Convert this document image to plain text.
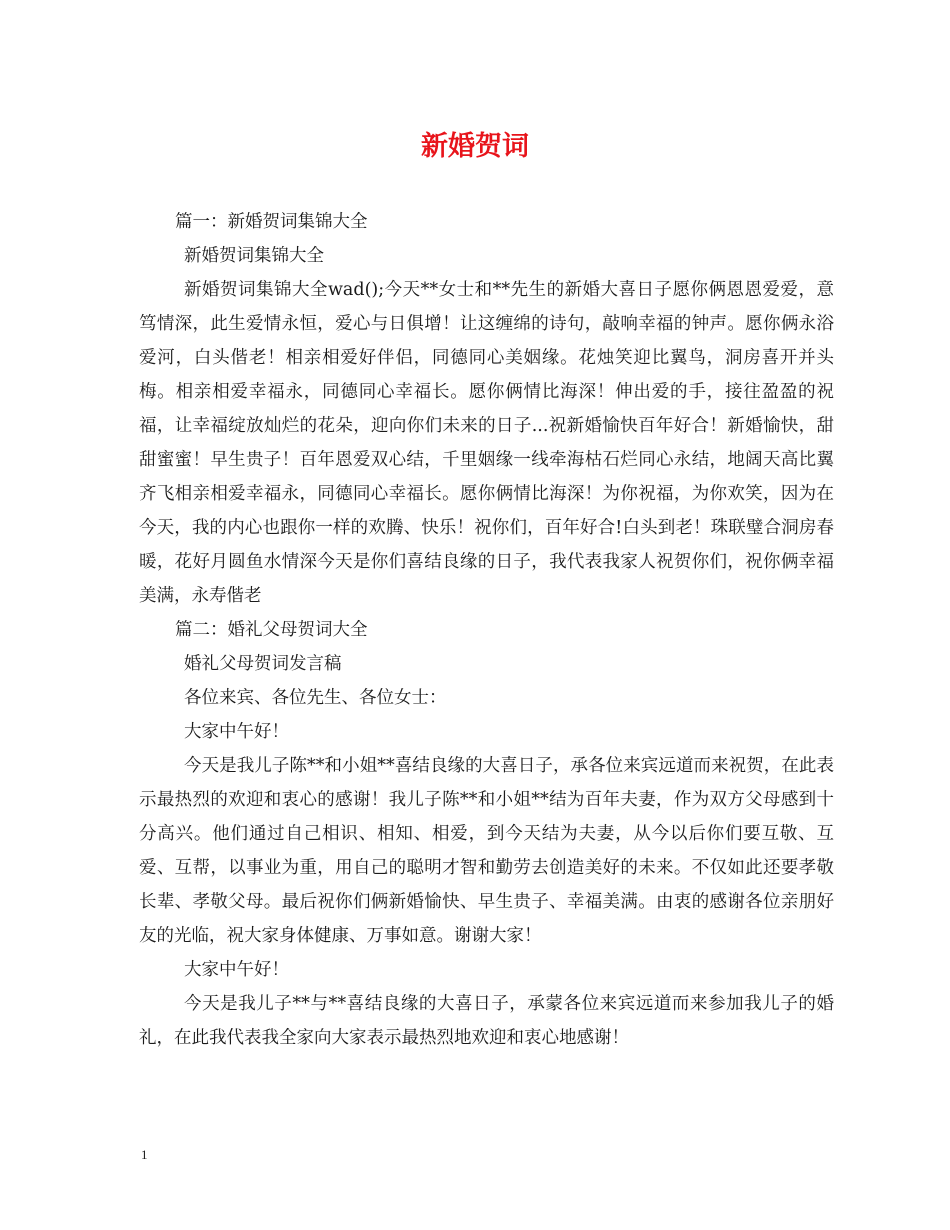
新婚贺词

篇一：新婚贺词集锦大全

新婚贺词集锦大全

新婚贺词集锦大全wad();今天**女士和**先生的新婚大喜日子愿你俩恩恩爱爱，意笃情深，此生爱情永恒，爱心与日俱增！让这缠绵的诗句，敲响幸福的钟声。愿你俩永浴爱河，白头偕老！相亲相爱好伴侣，同德同心美姻缘。花烛笑迎比翼鸟，洞房喜开并头梅。相亲相爱幸福永，同德同心幸福长。愿你俩情比海深！伸出爱的手，接往盈盈的祝福，让幸福绽放灿烂的花朵，迎向你们未来的日子...祝新婚愉快百年好合！新婚愉快，甜甜蜜蜜！早生贵子！百年恩爱双心结，千里姻缘一线牵海枯石烂同心永结，地阔天高比翼齐飞相亲相爱幸福永，同德同心幸福长。愿你俩情比海深！为你祝福，为你欢笑，因为在今天，我的内心也跟你一样的欢腾、快乐！祝你们，百年好合!白头到老！珠联璧合洞房春暖，花好月圆鱼水情深今天是你们喜结良缘的日子，我代表我家人祝贺你们，祝你俩幸福美满，永寿偕老

篇二：婚礼父母贺词大全

婚礼父母贺词发言稿

各位来宾、各位先生、各位女士：

大家中午好！

今天是我儿子陈**和小姐**喜结良缘的大喜日子，承各位来宾远道而来祝贺，在此表示最热烈的欢迎和衷心的感谢！我儿子陈**和小姐**结为百年夫妻，作为双方父母感到十分高兴。他们通过自己相识、相知、相爱，到今天结为夫妻，从今以后你们要互敬、互爱、互帮，以事业为重，用自己的聪明才智和勤劳去创造美好的未来。不仅如此还要孝敬长辈、孝敬父母。最后祝你们俩新婚愉快、早生贵子、幸福美满。由衷的感谢各位亲朋好友的光临，祝大家身体健康、万事如意。谢谢大家！

大家中午好！

今天是我儿子**与**喜结良缘的大喜日子，承蒙各位来宾远道而来参加我儿子的婚礼，在此我代表我全家向大家表示最热烈地欢迎和衷心地感谢！

1
